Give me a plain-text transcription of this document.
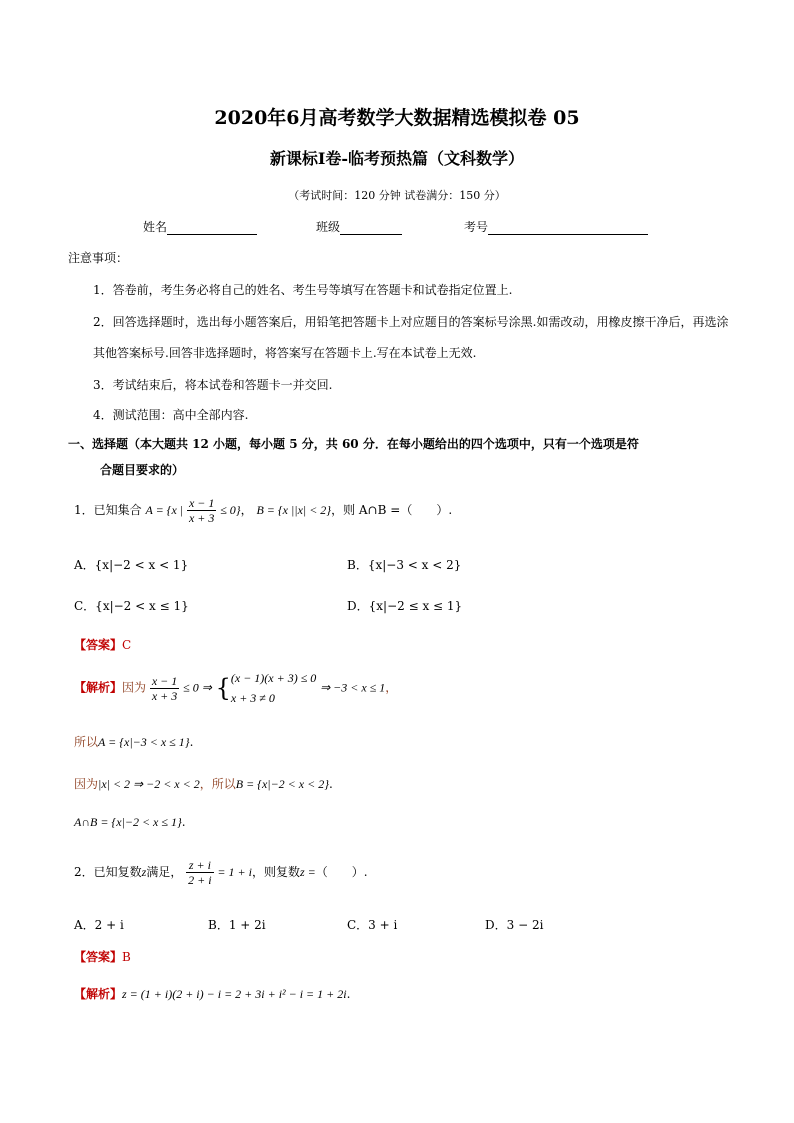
2020年6月高考数学大数据精选模拟卷 05
新课标Ⅰ卷-临考预热篇（文科数学）
（考试时间：120 分钟 试卷满分：150 分）
姓名	班级	考号
注意事项：
1．答卷前，考生务必将自己的姓名、考生号等填写在答题卡和试卷指定位置上.
2．回答选择题时，选出每小题答案后，用铅笔把答题卡上对应题目的答案标号涂黑.如需改动，用橡皮擦干净后，再选涂
其他答案标号.回答非选择题时，将答案写在答题卡上.写在本试卷上无效.
3．考试结束后，将本试卷和答题卡一并交回.
4．测试范围：高中全部内容.
一、选择题（本大题共 12 小题，每小题 5 分，共 60 分．在每小题给出的四个选项中，只有一个选项是符
合题目要求的）
1．已知集合 A = {x | $\frac{x - 1}{x + 3} \le 0$}， B = {x ||x| < 2}，则 A∩B =（　　）.
A．{x|−2 < x < 1}	B．{x|−3 < x < 2}
C．{x|−2 < x ≤ 1}	D．{x|−2 ≤ x ≤ 1}
【答案】C
【解析】因为 $\frac{x - 1}{x + 3} \le 0$ ⇒ { (x − 1)(x + 3) ≤ 0
x + 3 ≠ 0
⇒ −3 < x ≤ 1，
所以A = {x|−3 < x ≤ 1}.
因为|x| < 2 ⇒ −2 < x < 2，所以B = {x|−2 < x < 2}.
A∩B = {x|−2 < x ≤ 1}.
2．已知复数z满足， $\frac{z + i}{2 + i} = 1 + i$，则复数z =（　　）.
A．2 + i	B．1 + 2i	C．3 + i	D．3 − 2i
【答案】B
【解析】z = (1 + i)(2 + i) − i = 2 + 3i + i² − i = 1 + 2i.
